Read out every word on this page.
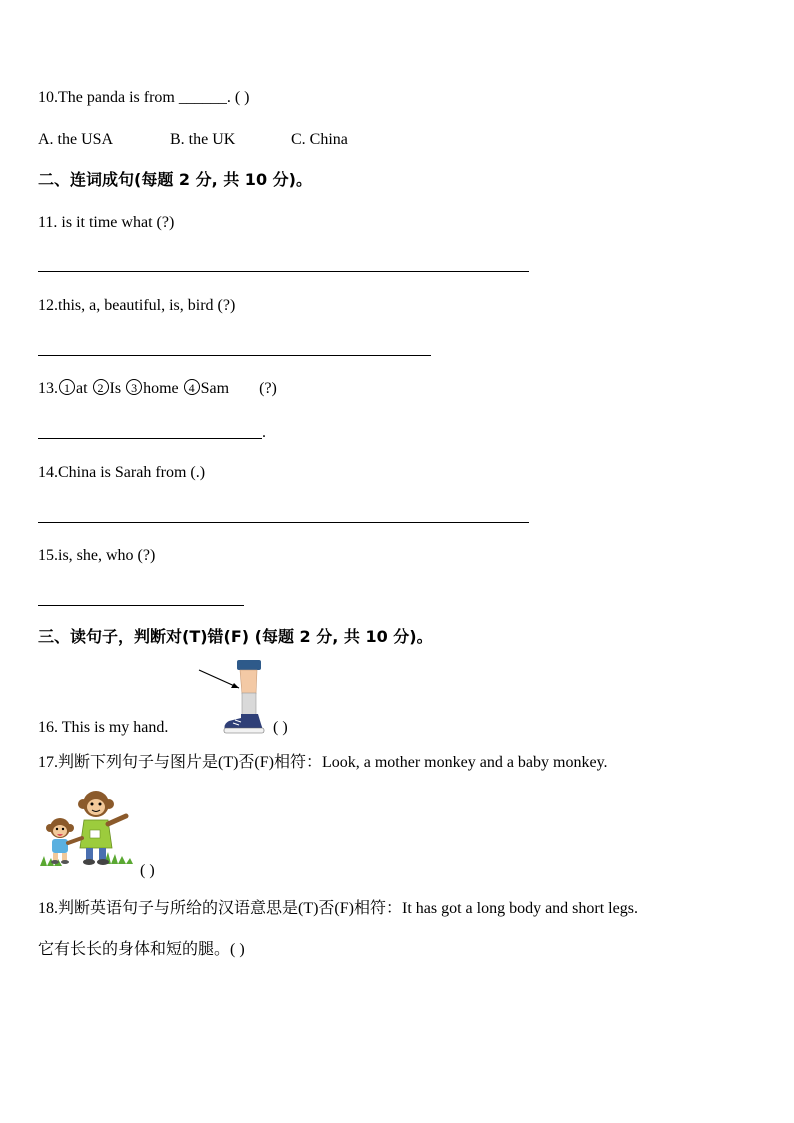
10.The panda is from ______. ( )
A. the USA	B. the UK	C. China
二、连词成句(每题 2 分, 共 10 分)。
11. is it time what (?)
12.this, a, beautiful, is, bird (?)
13. 1 at 2 Is 3 home 4 Sam (?)
.
14.China is Sarah from (.)
15.is, she, who (?)
三、读句子，判断对(T)错(F) (每题 2 分, 共 10 分)。
16. This is my hand.	( )
17.判断下列句子与图片是(T)否(F)相符：Look, a mother monkey and a baby monkey.
( )
18.判断英语句子与所给的汉语意思是(T)否(F)相符：It has got a long body and short legs.
它有长长的身体和短的腿。( )
